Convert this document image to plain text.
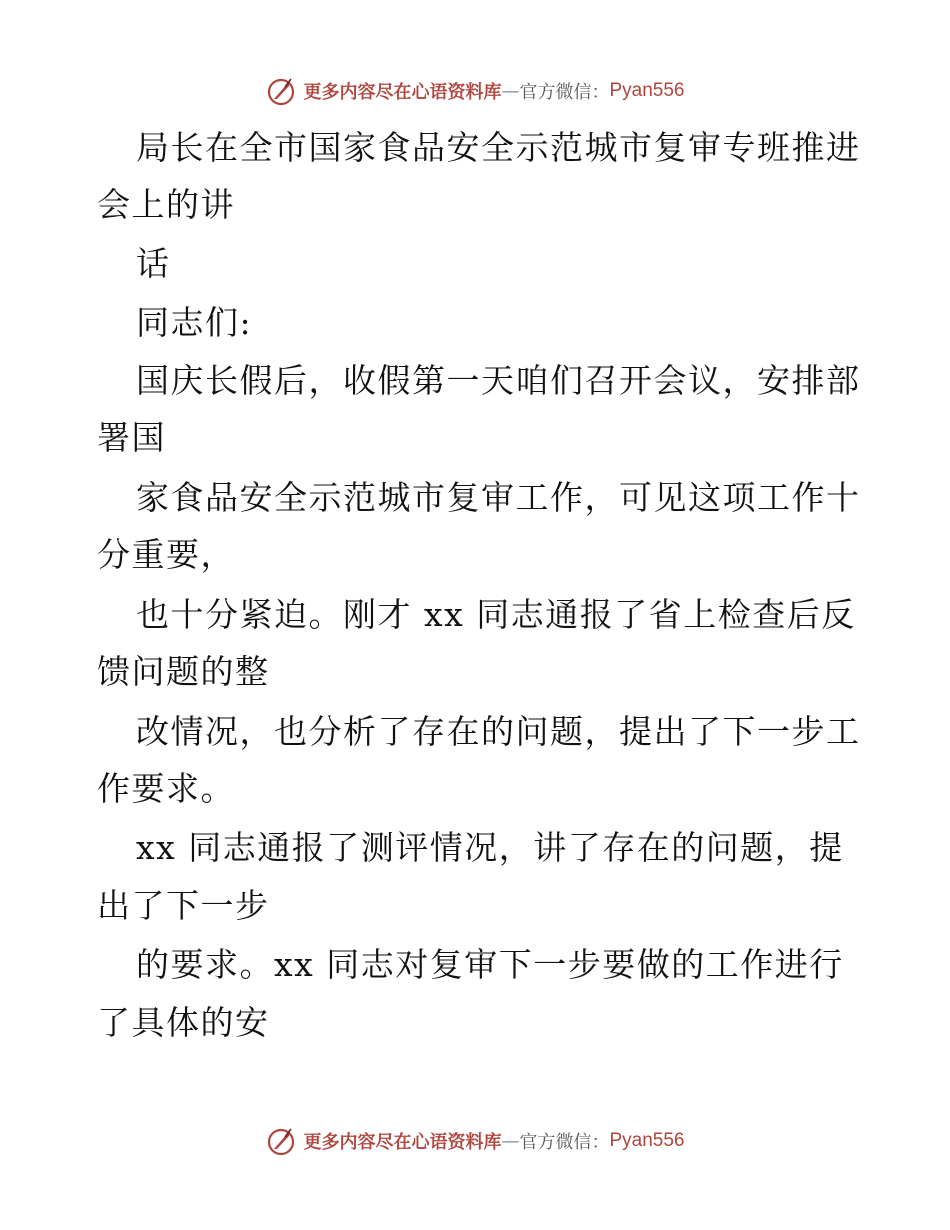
更多内容尽在心语资料库 — 官方微信： Pyan556
局长在全市国家食品安全示范城市复审专班推进
会上的讲
话
同志们:
国庆长假后，收假第一天咱们召开会议，安排部
署国
家食品安全示范城市复审工作，可见这项工作十
分重要，
也十分紧迫。刚才 xx 同志通报了省上检查后反
馈问题的整
改情况，也分析了存在的问题，提出了下一步工
作要求。
xx 同志通报了测评情况，讲了存在的问题，提
出了下一步
的要求。xx 同志对复审下一步要做的工作进行
了具体的安
更多内容尽在心语资料库 — 官方微信： Pyan556
